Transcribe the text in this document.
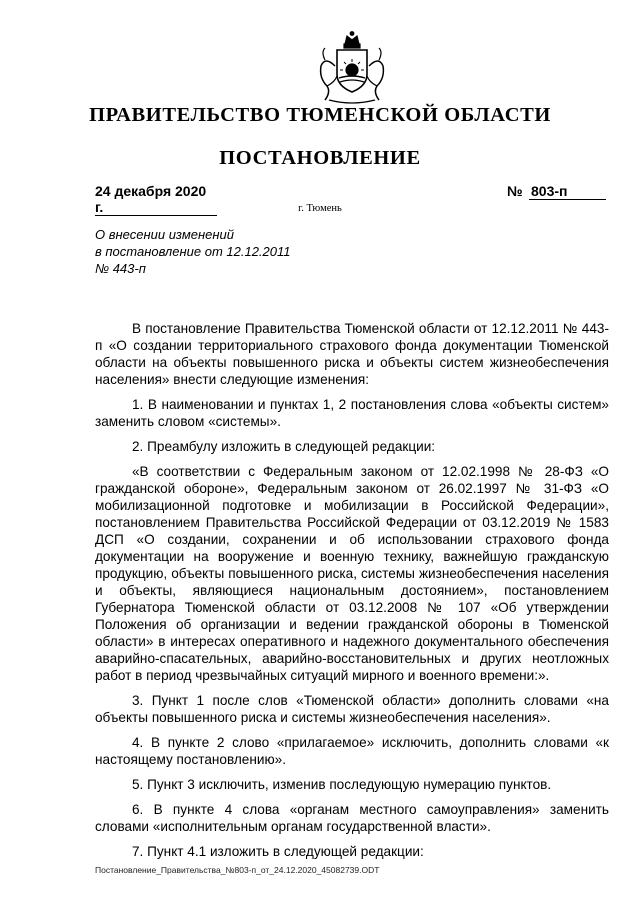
ПРАВИТЕЛЬСТВО ТЮМЕНСКОЙ ОБЛАСТИ
ПОСТАНОВЛЕНИЕ
24 декабря 2020 г.
№ 803-п
г. Тюмень
О внесении изменений
в постановление от 12.12.2011
№ 443-п

В постановление Правительства Тюменской области от 12.12.2011 № 443-п «О создании территориального страхового фонда документации Тюменской области на объекты повышенного риска и объекты систем жизнеобеспечения населения» внести следующие изменения:

1. В наименовании и пунктах 1, 2 постановления слова «объекты систем» заменить словом «системы».

2. Преамбулу изложить в следующей редакции:

«В соответствии с Федеральным законом от 12.02.1998 № 28-ФЗ «О гражданской обороне», Федеральным законом от 26.02.1997 № 31-ФЗ «О мобилизационной подготовке и мобилизации в Российской Федерации», постановлением Правительства Российской Федерации от 03.12.2019 № 1583 ДСП «О создании, сохранении и об использовании страхового фонда документации на вооружение и военную технику, важнейшую гражданскую продукцию, объекты повышенного риска, системы жизнеобеспечения населения и объекты, являющиеся национальным достоянием», постановлением Губернатора Тюменской области от 03.12.2008 № 107 «Об утверждении Положения об организации и ведении гражданской обороны в Тюменской области» в интересах оперативного и надежного документального обеспечения аварийно-спасательных, аварийно-восстановительных и других неотложных работ в период чрезвычайных ситуаций мирного и военного времени:».

3. Пункт 1 после слов «Тюменской области» дополнить словами «на объекты повышенного риска и системы жизнеобеспечения населения».

4. В пункте 2 слово «прилагаемое» исключить, дополнить словами «к настоящему постановлению».

5. Пункт 3 исключить, изменив последующую нумерацию пунктов.

6. В пункте 4 слова «органам местного самоуправления» заменить словами «исполнительным органам государственной власти».

7. Пункт 4.1 изложить в следующей редакции:

Постановление_Правительства_№803-п_от_24.12.2020_45082739.ODT
